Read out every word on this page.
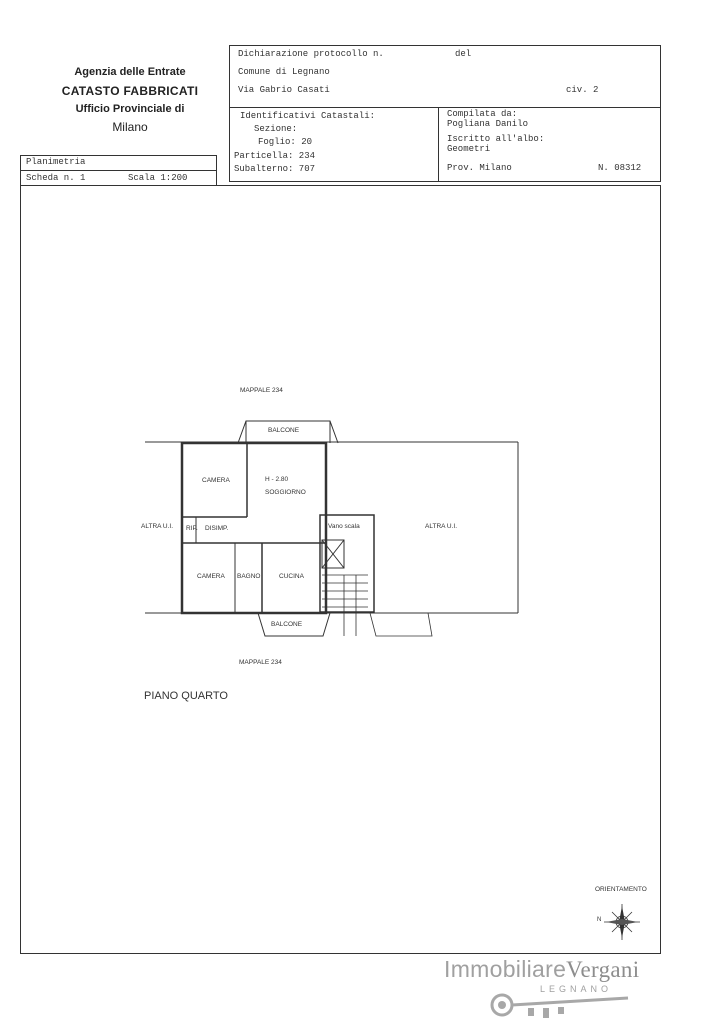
Agenzia delle Entrate
CATASTO FABBRICATI
Ufficio Provinciale di
Milano
Dichiarazione protocollo n.	del
Comune di Legnano
Via Gabrio Casati	civ. 2
Identificativi Catastali:
Sezione:
Foglio: 20
Particella: 234
Subalterno: 707
Compilata da:
Pogliana Danilo
Iscritto all'albo:
Geometri
Prov. Milano	N. 08312
Planimetria
Scheda n. 1	Scala 1:200
MAPPALE 234
BALCONE
CAMERA	H - 2.80
SOGGIORNO
ALTRA U.I.	ALTRA U.I.
RIP. DISIMP.	Vano scala
CAMERA BAGNO	CUCINA
BALCONE
MAPPALE 234
PIANO QUARTO
ORIENTAMENTO
N
ImmobiliareVergani
LEGNANO
